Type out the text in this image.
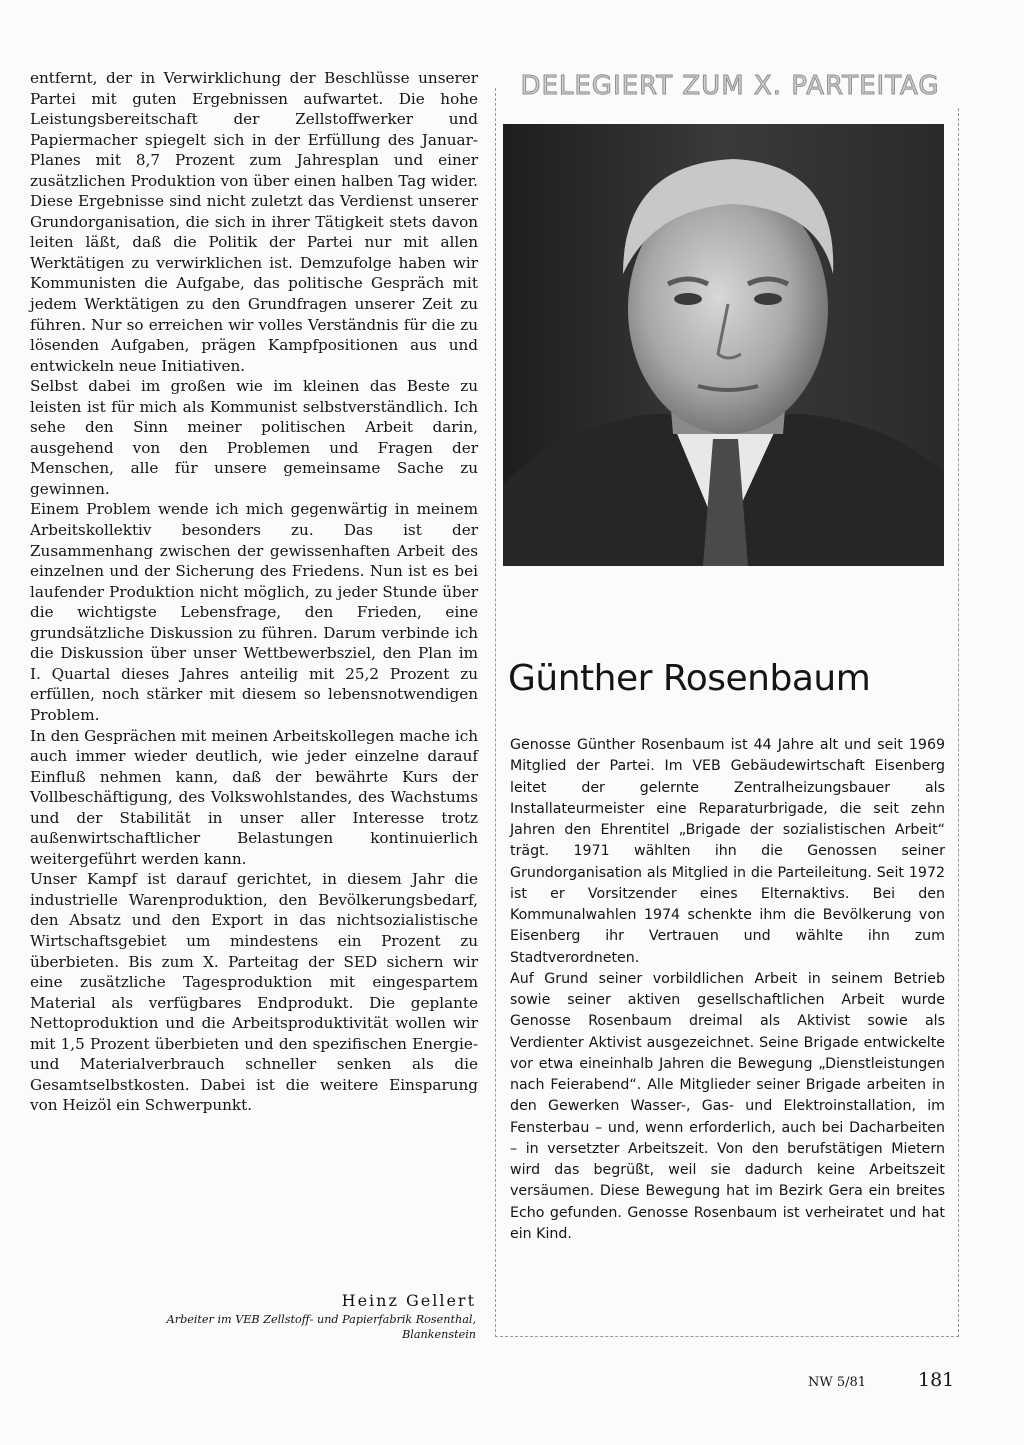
entfernt, der in Verwirklichung der Beschlüsse unserer Partei mit guten Ergebnissen aufwartet. Die hohe Leistungsbereitschaft der Zellstoffwerker und Papiermacher spiegelt sich in der Erfüllung des Januar-Planes mit 8,7 Prozent zum Jahresplan und einer zusätzlichen Produktion von über einen halben Tag wider. Diese Ergebnisse sind nicht zuletzt das Verdienst unserer Grundorganisation, die sich in ihrer Tätigkeit stets davon leiten läßt, daß die Politik der Partei nur mit allen Werktätigen zu verwirklichen ist. Demzufolge haben wir Kommunisten die Aufgabe, das politische Gespräch mit jedem Werktätigen zu den Grundfragen unserer Zeit zu führen. Nur so erreichen wir volles Verständnis für die zu lösenden Aufgaben, prägen Kampfpositionen aus und entwickeln neue Initiativen.

Selbst dabei im großen wie im kleinen das Beste zu leisten ist für mich als Kommunist selbstverständlich. Ich sehe den Sinn meiner politischen Arbeit darin, ausgehend von den Problemen und Fragen der Menschen, alle für unsere gemeinsame Sache zu gewinnen.

Einem Problem wende ich mich gegenwärtig in meinem Arbeitskollektiv besonders zu. Das ist der Zusammenhang zwischen der gewissenhaften Arbeit des einzelnen und der Sicherung des Friedens. Nun ist es bei laufender Produktion nicht möglich, zu jeder Stunde über die wichtigste Lebensfrage, den Frieden, eine grundsätzliche Diskussion zu führen. Darum verbinde ich die Diskussion über unser Wettbewerbsziel, den Plan im I. Quartal dieses Jahres anteilig mit 25,2 Prozent zu erfüllen, noch stärker mit diesem so lebensnotwendigen Problem.

In den Gesprächen mit meinen Arbeitskollegen mache ich auch immer wieder deutlich, wie jeder einzelne darauf Einfluß nehmen kann, daß der bewährte Kurs der Vollbeschäftigung, des Volkswohlstandes, des Wachstums und der Stabilität in unser aller Interesse trotz außenwirtschaftlicher Belastungen kontinuierlich weitergeführt werden kann.

Unser Kampf ist darauf gerichtet, in diesem Jahr die industrielle Warenproduktion, den Bevölkerungsbedarf, den Absatz und den Export in das nichtsozialistische Wirtschaftsgebiet um mindestens ein Prozent zu überbieten. Bis zum X. Parteitag der SED sichern wir eine zusätzliche Tagesproduktion mit eingespartem Material als verfügbares Endprodukt. Die geplante Nettoproduktion und die Arbeitsproduktivität wollen wir mit 1,5 Prozent überbieten und den spezifischen Energie- und Materialverbrauch schneller senken als die Gesamtselbstkosten. Dabei ist die weitere Einsparung von Heizöl ein Schwerpunkt.

Heinz Gellert
Arbeiter im VEB Zellstoff- und Papierfabrik Rosenthal,
Blankenstein
DELEGIERT ZUM X. PARTEITAG
Günther Rosenbaum

Genosse Günther Rosenbaum ist 44 Jahre alt und seit 1969 Mitglied der Partei. Im VEB Gebäudewirtschaft Eisenberg leitet der gelernte Zentralheizungsbauer als Installateurmeister eine Reparaturbrigade, die seit zehn Jahren den Ehrentitel „Brigade der sozialistischen Arbeit“ trägt. 1971 wählten ihn die Genossen seiner Grundorganisation als Mitglied in die Parteileitung. Seit 1972 ist er Vorsitzender eines Elternaktivs. Bei den Kommunalwahlen 1974 schenkte ihm die Bevölkerung von Eisenberg ihr Vertrauen und wählte ihn zum Stadtverordneten.

Auf Grund seiner vorbildlichen Arbeit in seinem Betrieb sowie seiner aktiven gesellschaftlichen Arbeit wurde Genosse Rosenbaum dreimal als Aktivist sowie als Verdienter Aktivist ausgezeichnet. Seine Brigade entwickelte vor etwa eineinhalb Jahren die Bewegung „Dienstleistungen nach Feierabend“. Alle Mitglieder seiner Brigade arbeiten in den Gewerken Wasser-, Gas- und Elektroinstallation, im Fensterbau – und, wenn erforderlich, auch bei Dacharbeiten – in versetzter Arbeitszeit. Von den berufstätigen Mietern wird das begrüßt, weil sie dadurch keine Arbeitszeit versäumen. Diese Bewegung hat im Bezirk Gera ein breites Echo gefunden. Genosse Rosenbaum ist verheiratet und hat ein Kind.

NW 5/81	181
